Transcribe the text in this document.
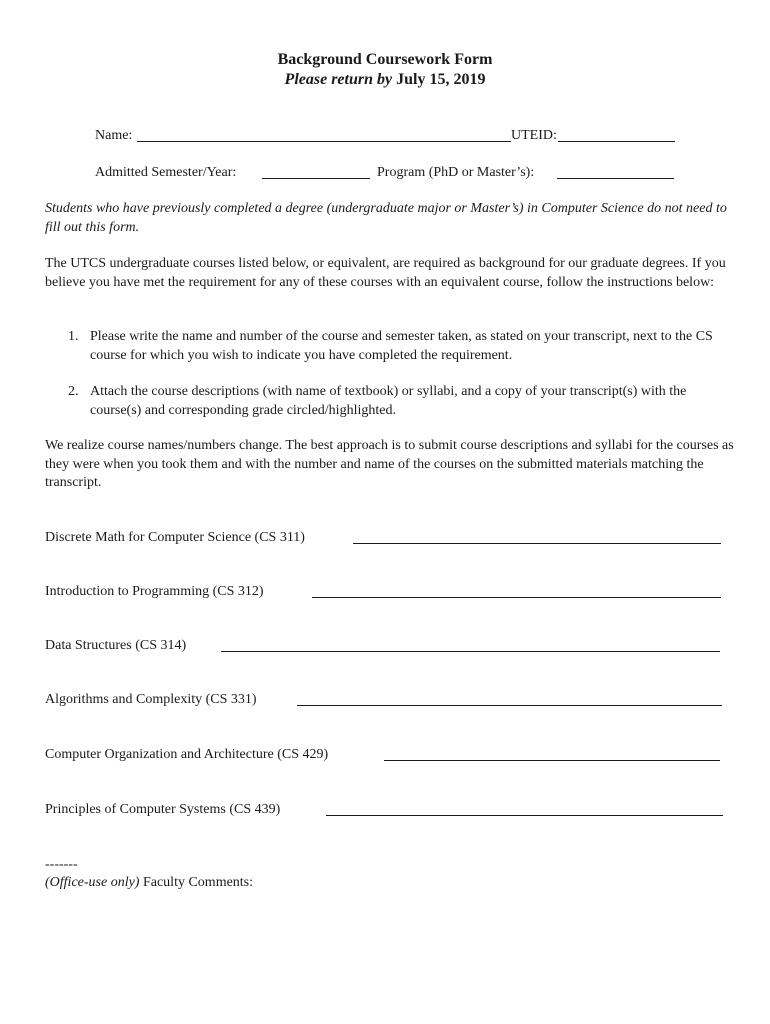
Background Coursework Form
Please return by July 15, 2019
Name:	UTEID:
Admitted Semester/Year:	Program (PhD or Master’s):
Students who have previously completed a degree (undergraduate major or Master’s) in Computer Science do not need to fill out this form.
The UTCS undergraduate courses listed below, or equivalent, are required as background for our graduate degrees. If you believe you have met the requirement for any of these courses with an equivalent course, follow the instructions below:
1. Please write the name and number of the course and semester taken, as stated on your transcript, next to the CS course for which you wish to indicate you have completed the requirement.
2. Attach the course descriptions (with name of textbook) or syllabi, and a copy of your transcript(s) with the course(s) and corresponding grade circled/highlighted.
We realize course names/numbers change. The best approach is to submit course descriptions and syllabi for the courses as they were when you took them and with the number and name of the courses on the submitted materials matching the transcript.
Discrete Math for Computer Science (CS 311)
Introduction to Programming (CS 312)
Data Structures (CS 314)
Algorithms and Complexity (CS 331)
Computer Organization and Architecture (CS 429)
Principles of Computer Systems (CS 439)
-------
(Office-use only) Faculty Comments:
